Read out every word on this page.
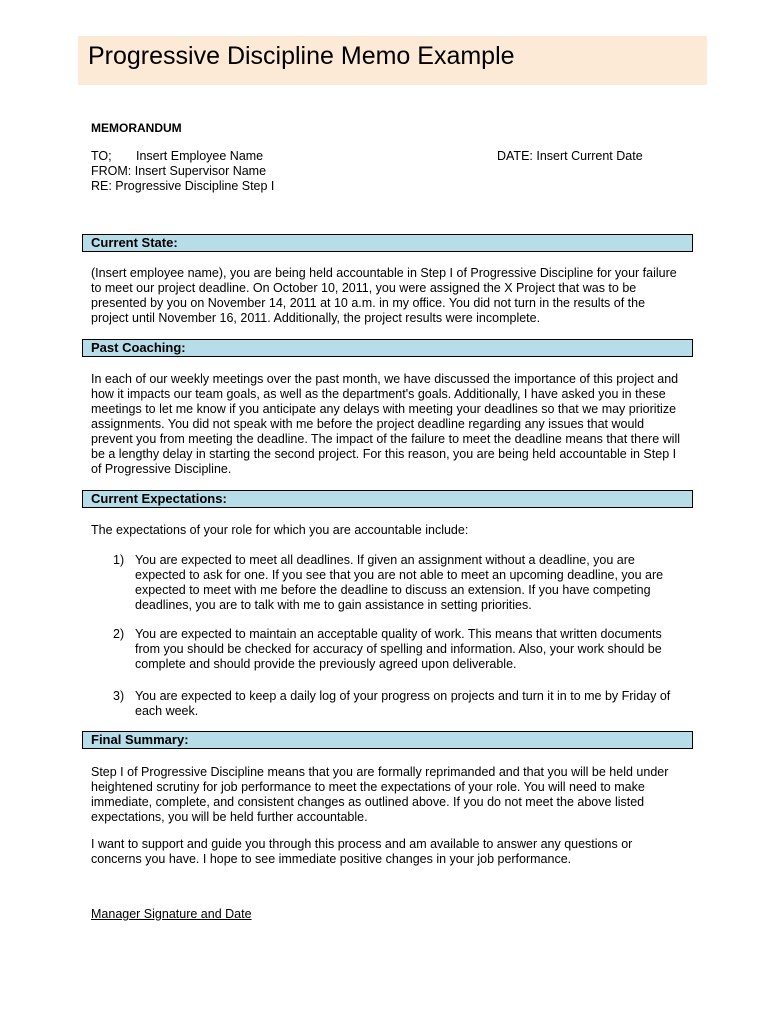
Progressive Discipline Memo Example
MEMORANDUM
TO; Insert Employee Name	DATE: Insert Current Date
FROM: Insert Supervisor Name
RE: Progressive Discipline Step I
Current State:

(Insert employee name), you are being held accountable in Step I of Progressive Discipline for your failure to meet our project deadline. On October 10, 2011, you were assigned the X Project that was to be presented by you on November 14, 2011 at 10 a.m. in my office. You did not turn in the results of the project until November 16, 2011. Additionally, the project results were incomplete.

Past Coaching:

In each of our weekly meetings over the past month, we have discussed the importance of this project and how it impacts our team goals, as well as the department's goals. Additionally, I have asked you in these meetings to let me know if you anticipate any delays with meeting your deadlines so that we may prioritize assignments. You did not speak with me before the project deadline regarding any issues that would prevent you from meeting the deadline. The impact of the failure to meet the deadline means that there will be a lengthy delay in starting the second project. For this reason, you are being held accountable in Step I of Progressive Discipline.

Current Expectations:

The expectations of your role for which you are accountable include:

1) You are expected to meet all deadlines. If given an assignment without a deadline, you are expected to ask for one. If you see that you are not able to meet an upcoming deadline, you are expected to meet with me before the deadline to discuss an extension. If you have competing deadlines, you are to talk with me to gain assistance in setting priorities.
2) You are expected to maintain an acceptable quality of work. This means that written documents from you should be checked for accuracy of spelling and information. Also, your work should be complete and should provide the previously agreed upon deliverable.
3) You are expected to keep a daily log of your progress on projects and turn it in to me by Friday of each week.
Final Summary:

Step I of Progressive Discipline means that you are formally reprimanded and that you will be held under heightened scrutiny for job performance to meet the expectations of your role. You will need to make immediate, complete, and consistent changes as outlined above. If you do not meet the above listed expectations, you will be held further accountable.

I want to support and guide you through this process and am available to answer any questions or concerns you have. I hope to see immediate positive changes in your job performance.

Manager Signature and Date
